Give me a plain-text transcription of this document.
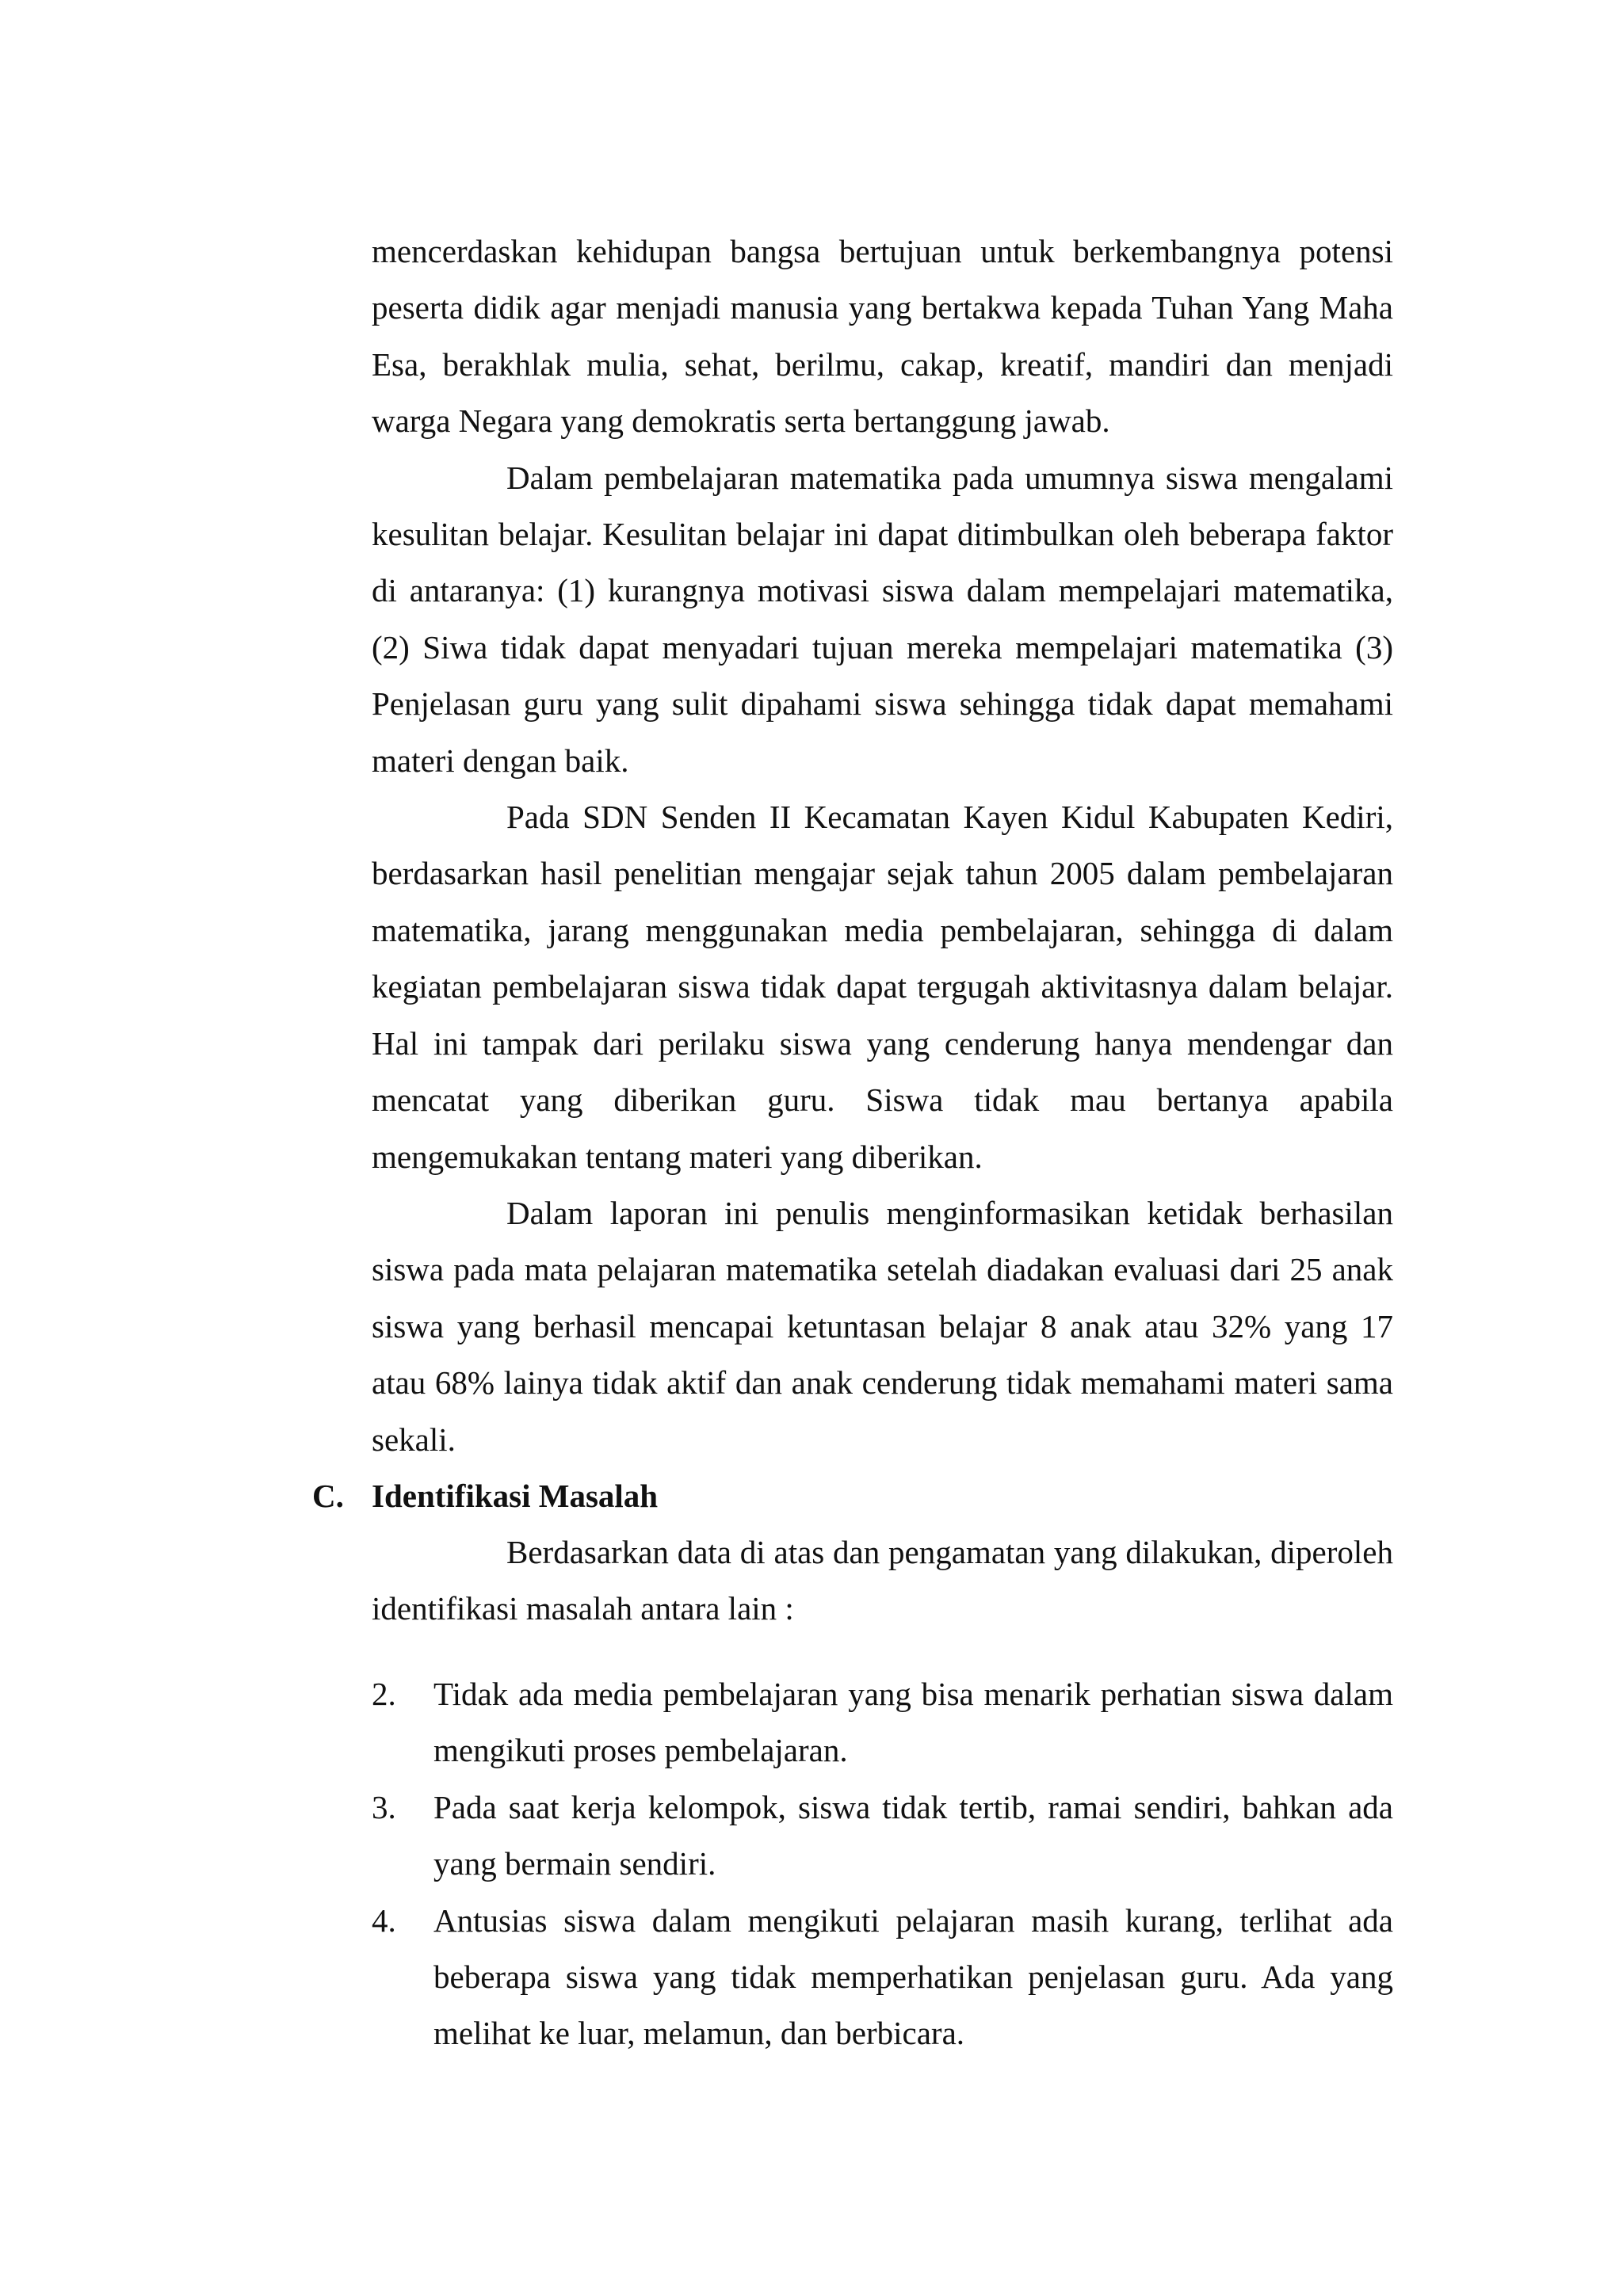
mencerdaskan kehidupan bangsa bertujuan untuk berkembangnya potensi peserta didik agar menjadi manusia yang bertakwa kepada Tuhan Yang Maha Esa, berakhlak mulia, sehat, berilmu, cakap, kreatif, mandiri dan menjadi warga Negara yang demokratis serta bertanggung jawab.

Dalam pembelajaran matematika pada umumnya siswa mengalami kesulitan belajar. Kesulitan belajar ini dapat ditimbulkan oleh beberapa faktor di antaranya: (1) kurangnya motivasi siswa dalam mempelajari matematika, (2) Siwa tidak dapat menyadari tujuan mereka mempelajari matematika (3) Penjelasan guru yang sulit dipahami siswa sehingga tidak dapat memahami materi dengan baik.

Pada SDN Senden II Kecamatan Kayen Kidul Kabupaten Kediri, berdasarkan hasil penelitian mengajar sejak tahun 2005 dalam pembelajaran matematika, jarang menggunakan media pembelajaran, sehingga di dalam kegiatan pembelajaran siswa tidak dapat tergugah aktivitasnya dalam belajar. Hal ini tampak dari perilaku siswa yang cenderung hanya mendengar dan mencatat yang diberikan guru. Siswa tidak mau bertanya apabila mengemukakan tentang materi yang diberikan.

Dalam laporan ini penulis menginformasikan ketidak berhasilan siswa pada mata pelajaran matematika setelah diadakan evaluasi dari 25 anak siswa yang berhasil mencapai ketuntasan belajar 8 anak atau 32% yang 17 atau 68% lainya tidak aktif dan anak cenderung tidak memahami materi sama sekali.

C. Identifikasi Masalah

Berdasarkan data di atas dan pengamatan yang dilakukan, diperoleh identifikasi masalah antara lain :

2.	Tidak ada media pembelajaran yang bisa menarik perhatian siswa dalam mengikuti proses pembelajaran.
3.	Pada saat kerja kelompok, siswa tidak tertib, ramai sendiri, bahkan ada yang bermain sendiri.
4.	Antusias siswa dalam mengikuti pelajaran masih kurang, terlihat ada beberapa siswa yang tidak memperhatikan penjelasan guru. Ada yang melihat ke luar, melamun, dan berbicara.
